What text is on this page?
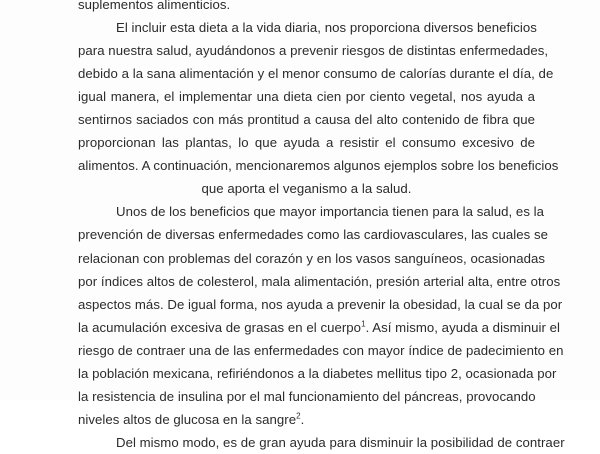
suplementos alimenticios.

El incluir esta dieta a la vida diaria, nos proporciona diversos beneficios
para nuestra salud, ayudándonos a prevenir riesgos de distintas enfermedades,
debido a la sana alimentación y el menor consumo de calorías durante el día, de
igual manera, el implementar una dieta cien por ciento vegetal, nos ayuda a
sentirnos saciados con más prontitud a causa del alto contenido de fibra que
proporcionan las plantas, lo que ayuda a resistir el consumo excesivo de
alimentos. A continuación, mencionaremos algunos ejemplos sobre los beneficios
que aporta el veganismo a la salud.

Unos de los beneficios que mayor importancia tienen para la salud, es la
prevención de diversas enfermedades como las cardiovasculares, las cuales se
relacionan con problemas del corazón y en los vasos sanguíneos, ocasionadas
por índices altos de colesterol, mala alimentación, presión arterial alta, entre otros
aspectos más. De igual forma, nos ayuda a prevenir la obesidad, la cual se da por
la acumulación excesiva de grasas en el cuerpo$^1$. Así mismo, ayuda a disminuir el
riesgo de contraer una de las enfermedades con mayor índice de padecimiento en
la población mexicana, refiriéndonos a la diabetes mellitus tipo 2, ocasionada por
la resistencia de insulina por el mal funcionamiento del páncreas, provocando
niveles altos de glucosa en la sangre$^2$.

Del mismo modo, es de gran ayuda para disminuir la posibilidad de contraer
